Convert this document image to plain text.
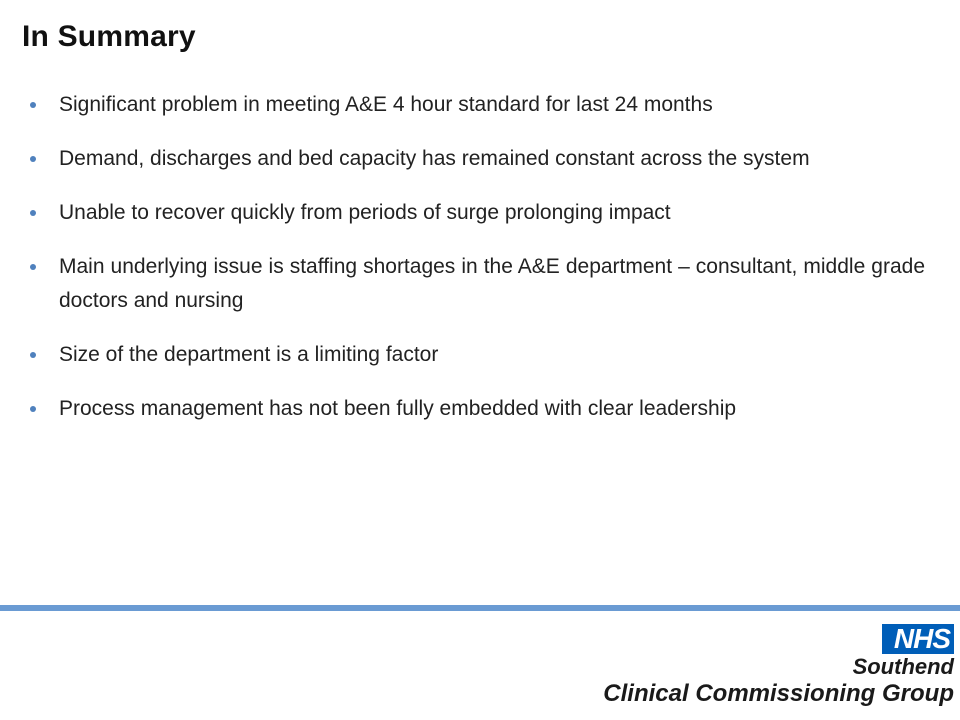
In Summary
Significant problem in meeting A&E 4 hour standard for last 24 months
Demand, discharges and bed capacity has remained constant across the system
Unable to recover quickly from periods of surge prolonging impact
Main underlying issue is staffing shortages in the A&E department – consultant, middle grade doctors and nursing
Size of the department is a limiting factor
Process management has not been fully embedded with clear leadership
NHS
Southend
Clinical Commissioning Group
